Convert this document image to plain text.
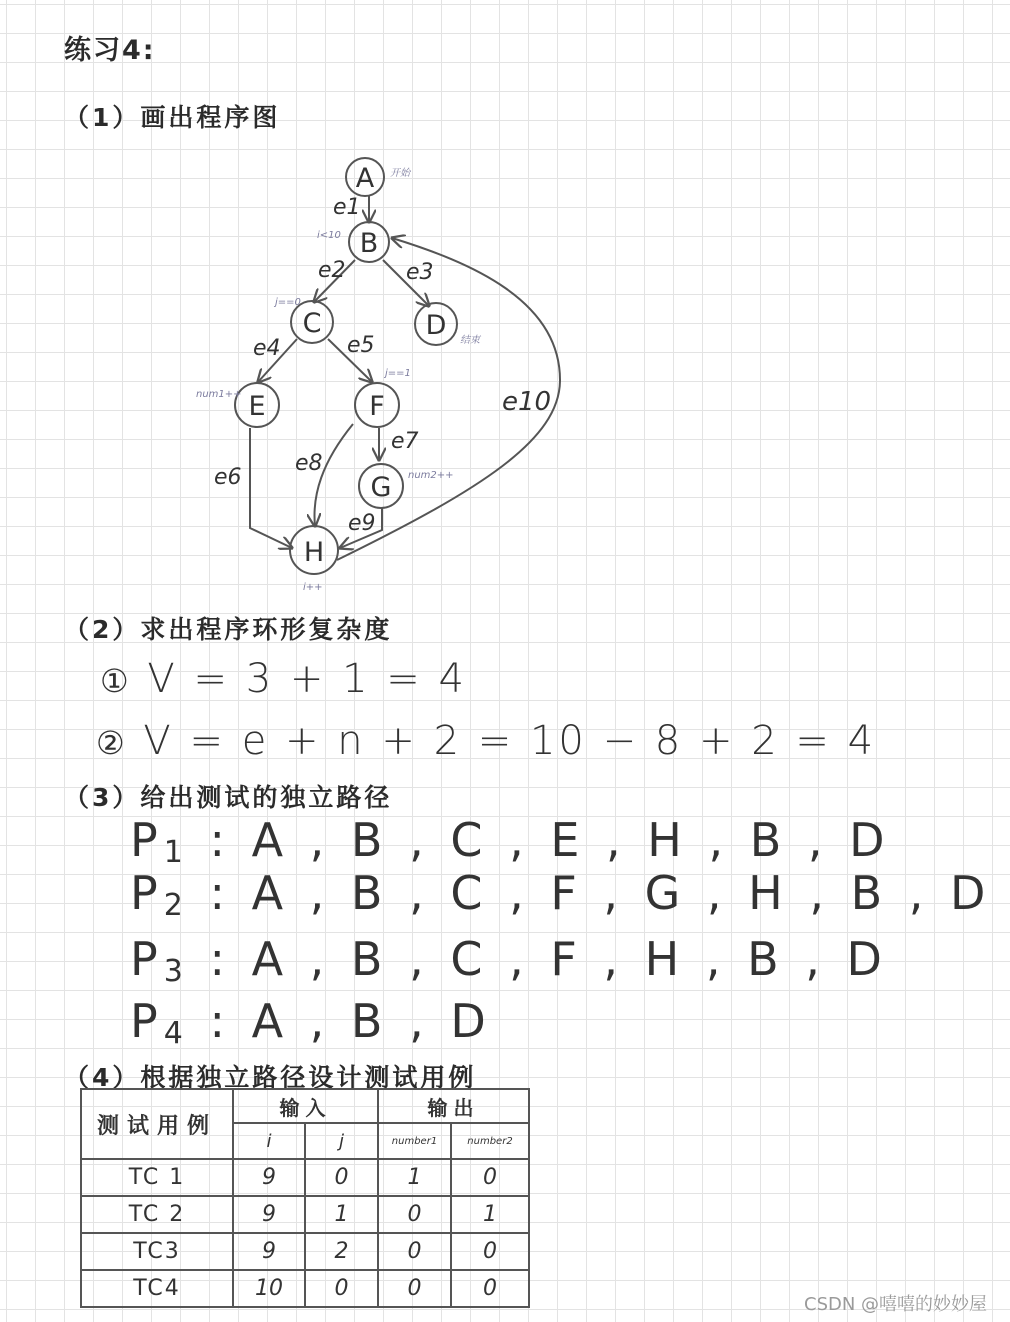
练习4:
（1）画出程序图
A
B
C	D
E	F
G
H
e1
e2	e3
e4	e5
e6
e7
e8
e9
e10
开始
i<10
j==0
结束
num1++
j==1
num2++
i++
（2）求出程序环形复杂度
① V = 3 + 1 = 4
② V = e + n + 2 = 10 − 8 + 2 = 4
（3）给出测试的独立路径
$P_1$ : A , B , C , E , H , B , D
$P_2$ : A , B , C , F , G , H , B , D
$P_3$ : A , B , C , F , H , B , D
$P_4$ : A , B , D
（4）根据独立路径设计测试用例
测试用例	输入		输出	
	i	j	number1	number2
TC 1	9	0	1	0
TC 2	9	1	0	1
TC3	9	2	0	0
TC4	10	0	0	0
CSDN @嘻嘻的妙妙屋
